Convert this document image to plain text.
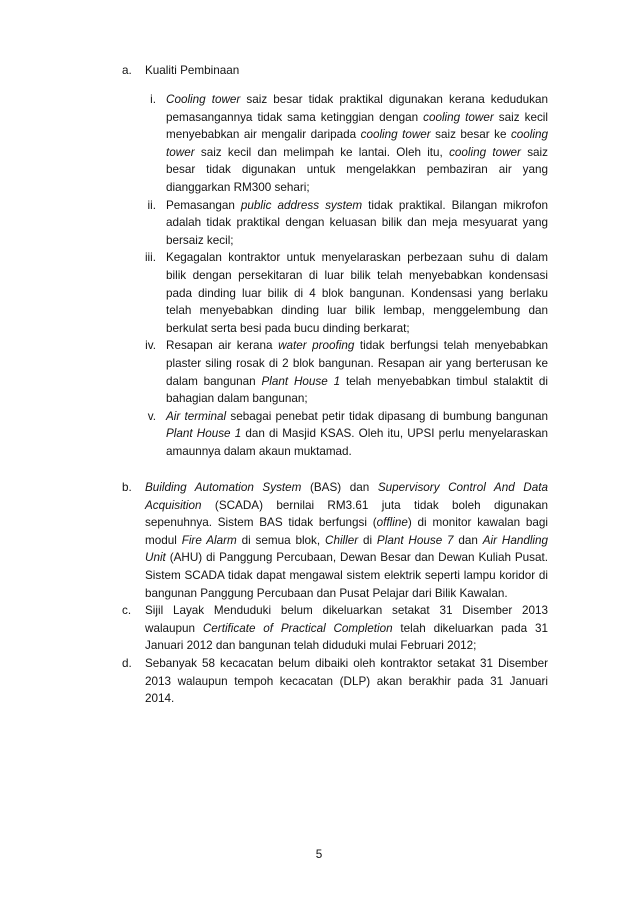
a. Kualiti Pembinaan
i. Cooling tower saiz besar tidak praktikal digunakan kerana kedudukan
pemasangannya tidak sama ketinggian dengan cooling tower saiz kecil
menyebabkan air mengalir daripada cooling tower saiz besar ke cooling
tower saiz kecil dan melimpah ke lantai. Oleh itu, cooling tower saiz
besar tidak digunakan untuk mengelakkan pembaziran air yang
dianggarkan RM300 sehari;
ii. Pemasangan public address system tidak praktikal. Bilangan mikrofon
adalah tidak praktikal dengan keluasan bilik dan meja mesyuarat yang
bersaiz kecil;
iii. Kegagalan kontraktor untuk menyelaraskan perbezaan suhu di dalam
bilik dengan persekitaran di luar bilik telah menyebabkan kondensasi
pada dinding luar bilik di 4 blok bangunan. Kondensasi yang berlaku
telah menyebabkan dinding luar bilik lembap, menggelembung dan
berkulat serta besi pada bucu dinding berkarat;
iv. Resapan air kerana water proofing tidak berfungsi telah menyebabkan
plaster siling rosak di 2 blok bangunan. Resapan air yang berterusan ke
dalam bangunan Plant House 1 telah menyebabkan timbul stalaktit di
bahagian dalam bangunan;
v. Air terminal sebagai penebat petir tidak dipasang di bumbung bangunan
Plant House 1 dan di Masjid KSAS. Oleh itu, UPSI perlu menyelaraskan
amaunnya dalam akaun muktamad.
b. Building Automation System (BAS) dan Supervisory Control And Data
Acquisition (SCADA) bernilai RM3.61 juta tidak boleh digunakan
sepenuhnya. Sistem BAS tidak berfungsi (offline) di monitor kawalan bagi
modul Fire Alarm di semua blok, Chiller di Plant House 7 dan Air Handling
Unit (AHU) di Panggung Percubaan, Dewan Besar dan Dewan Kuliah Pusat.
Sistem SCADA tidak dapat mengawal sistem elektrik seperti lampu koridor di
bangunan Panggung Percubaan dan Pusat Pelajar dari Bilik Kawalan.
c. Sijil Layak Menduduki belum dikeluarkan setakat 31 Disember 2013
walaupun Certificate of Practical Completion telah dikeluarkan pada 31
Januari 2012 dan bangunan telah diduduki mulai Februari 2012;
d. Sebanyak 58 kecacatan belum dibaiki oleh kontraktor setakat 31 Disember
2013 walaupun tempoh kecacatan (DLP) akan berakhir pada 31 Januari
2014.
5
